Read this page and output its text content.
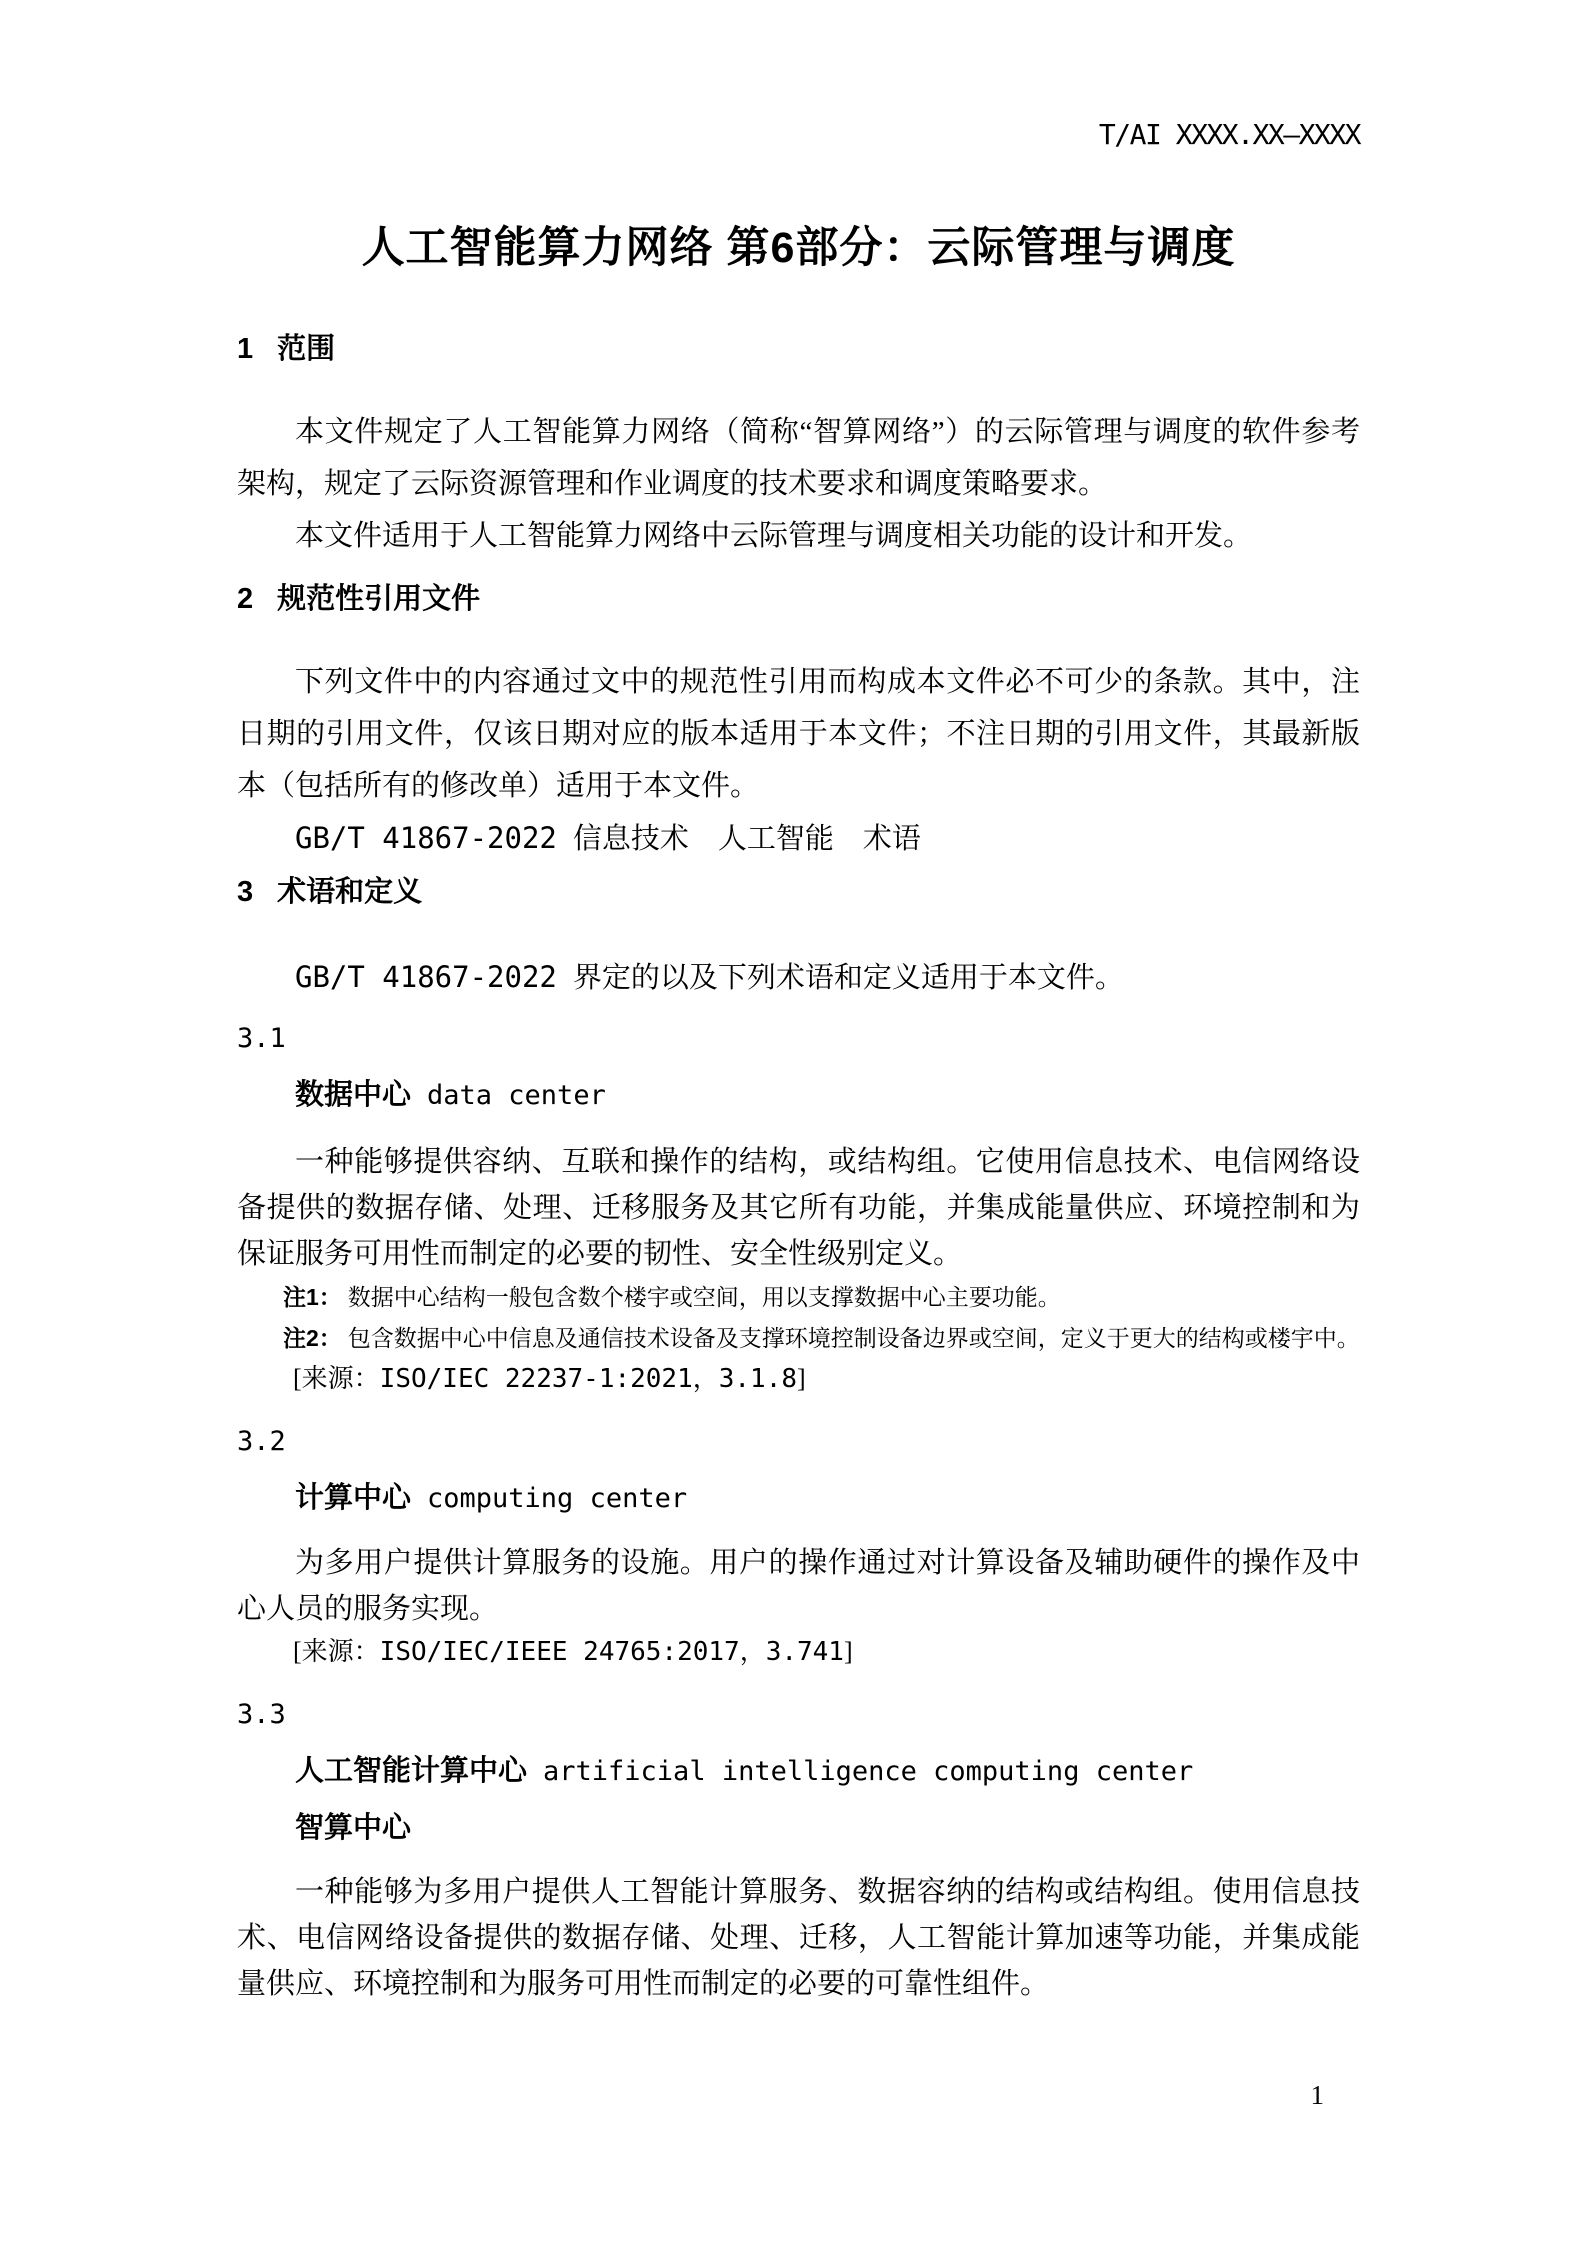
T/AI XXXX.XX—XXXX
人工智能算力网络 第6部分：云际管理与调度
1 范围

本文件规定了人工智能算力网络（简称“智算网络”）的云际管理与调度的软件参考架构，规定了云际资源管理和作业调度的技术要求和调度策略要求。

本文件适用于人工智能算力网络中云际管理与调度相关功能的设计和开发。

2 规范性引用文件

下列文件中的内容通过文中的规范性引用而构成本文件必不可少的条款。其中，注日期的引用文件，仅该日期对应的版本适用于本文件；不注日期的引用文件，其最新版本（包括所有的修改单）适用于本文件。

GB/T 41867-2022 信息技术　人工智能　术语

3 术语和定义

GB/T 41867-2022 界定的以及下列术语和定义适用于本文件。

3.1
数据中心 data center

一种能够提供容纳、互联和操作的结构，或结构组。它使用信息技术、电信网络设备提供的数据存储、处理、迁移服务及其它所有功能，并集成能量供应、环境控制和为保证服务可用性而制定的必要的韧性、安全性级别定义。

注1： 数据中心结构一般包含数个楼宇或空间，用以支撑数据中心主要功能。

注2： 包含数据中心中信息及通信技术设备及支撑环境控制设备边界或空间，定义于更大的结构或楼宇中。

[来源：ISO/IEC 22237-1:2021，3.1.8]

3.2
计算中心 computing center

为多用户提供计算服务的设施。用户的操作通过对计算设备及辅助硬件的操作及中心人员的服务实现。

[来源：ISO/IEC/IEEE 24765:2017，3.741]

3.3
人工智能计算中心 artificial intelligence computing center
智算中心

一种能够为多用户提供人工智能计算服务、数据容纳的结构或结构组。使用信息技术、电信网络设备提供的数据存储、处理、迁移，人工智能计算加速等功能，并集成能量供应、环境控制和为服务可用性而制定的必要的可靠性组件。

1
